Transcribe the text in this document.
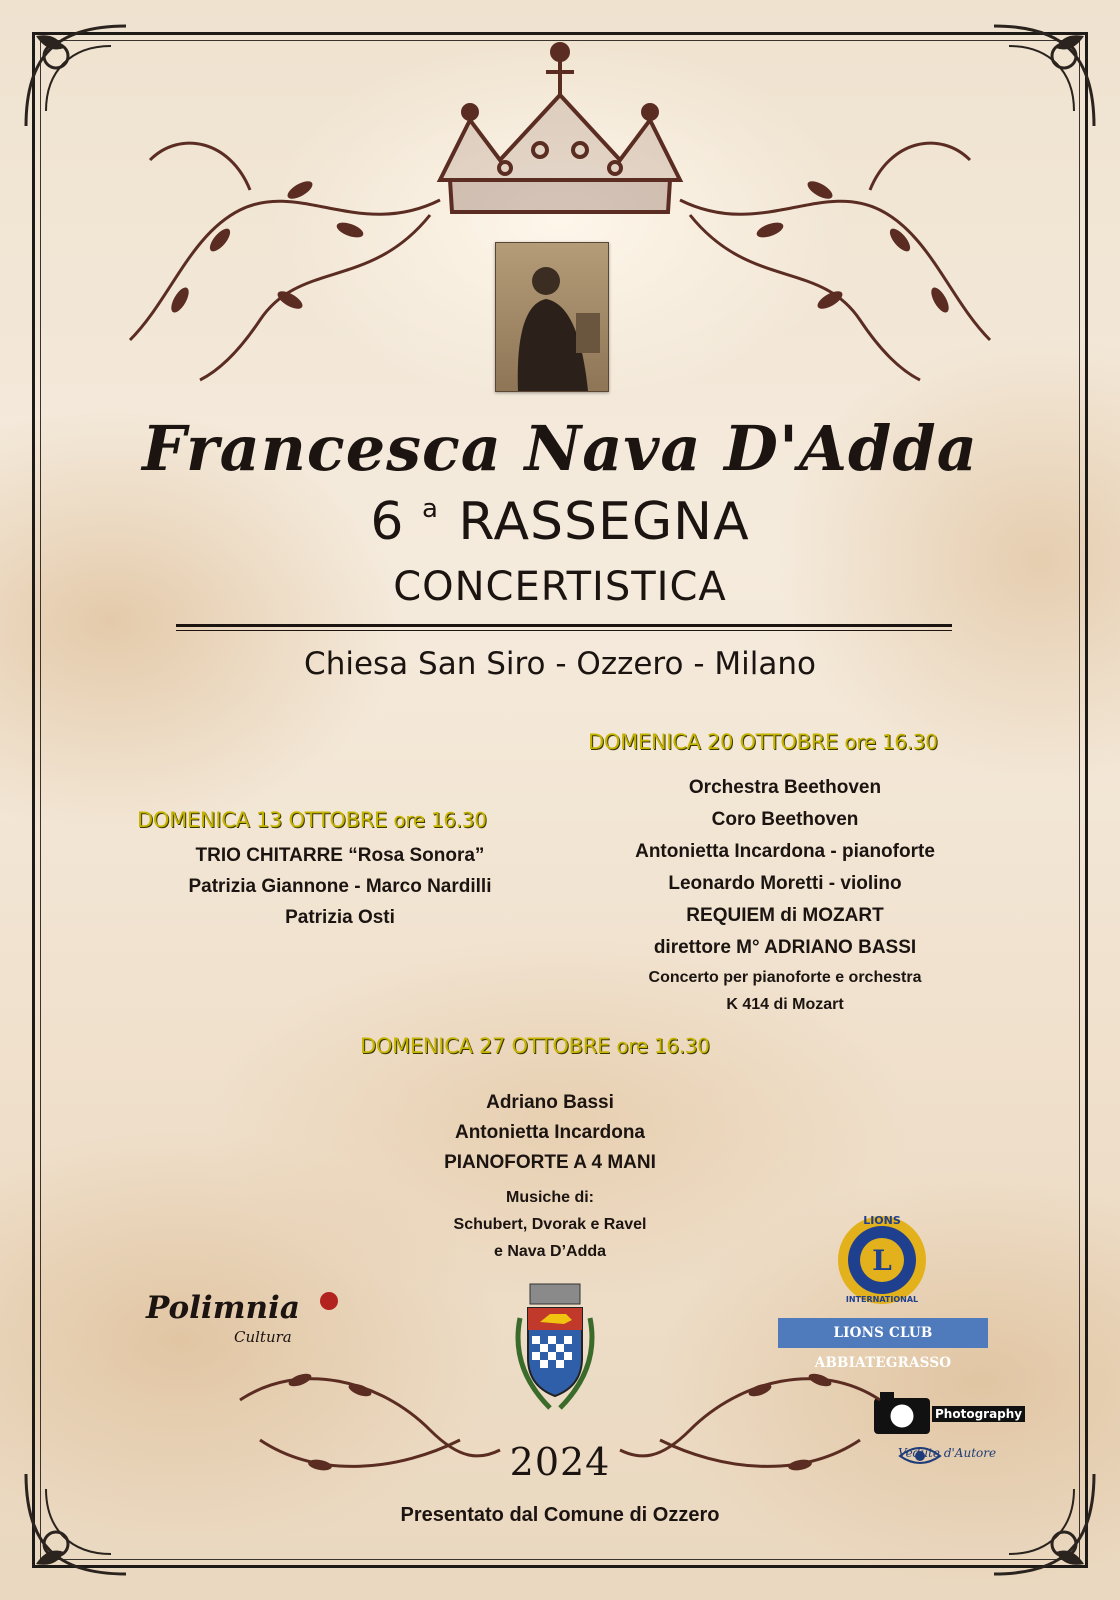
Francesca Nava D'Adda
6 $^a$ RASSEGNA
CONCERTISTICA
Chiesa San Siro - Ozzero - Milano
DOMENICA 13 OTTOBRE ore 16.30
TRIO CHITARRE “Rosa Sonora”
Patrizia Giannone - Marco Nardilli
Patrizia Osti
DOMENICA 20 OTTOBRE ore 16.30
Orchestra Beethoven
Coro Beethoven
Antonietta Incardona - pianoforte
Leonardo Moretti - violino
REQUIEM di MOZART
direttore M° ADRIANO BASSI
Concerto per pianoforte e orchestra
K 414 di Mozart
DOMENICA 27 OTTOBRE ore 16.30
Adriano Bassi
Antonietta Incardona
PIANOFORTE A 4 MANI
Musiche di:
Schubert, Dvorak e Ravel
e Nava D’Adda
Polimnia
Cultura
L
LIONS
INTERNATIONAL
LIONS CLUB ABBIATEGRASSO
Photography
Vedute d'Autore
2024
Presentato dal Comune di Ozzero
